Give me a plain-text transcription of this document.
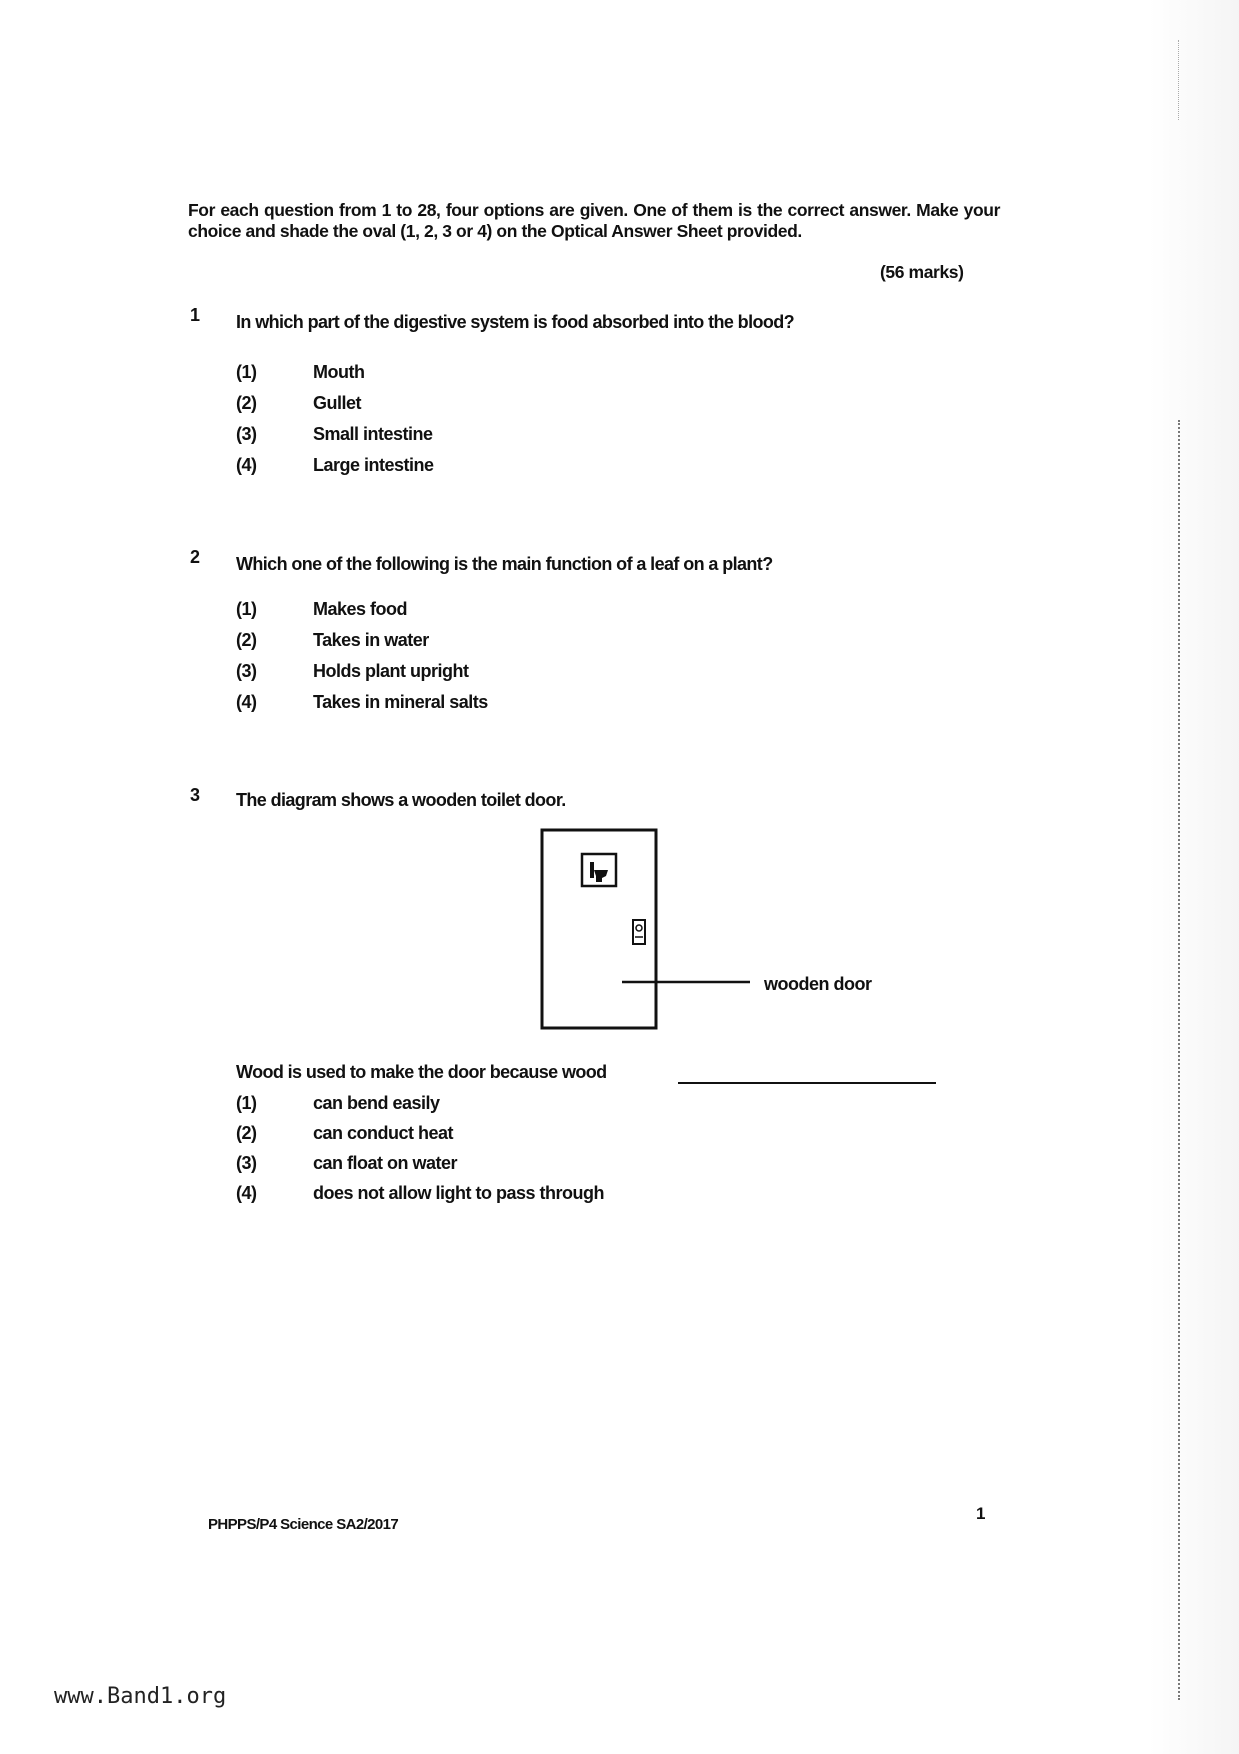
For each question from 1 to 28, four options are given. One of them is the correct answer. Make your choice and shade the oval (1, 2, 3 or 4) on the Optical Answer Sheet provided.
(56 marks)
1 In which part of the digestive system is food absorbed into the blood?
(1)	Mouth
(2)	Gullet
(3)	Small intestine
(4)	Large intestine
2 Which one of the following is the main function of a leaf on a plant?
(1)	Makes food
(2)	Takes in water
(3)	Holds plant upright
(4)	Takes in mineral salts
3 The diagram shows a wooden toilet door.
wooden door
Wood is used to make the door because wood
(1)	can bend easily
(2)	can conduct heat
(3)	can float on water
(4)	does not allow light to pass through
PHPPS/P4 Science SA2/2017
1
www.Band1.org
